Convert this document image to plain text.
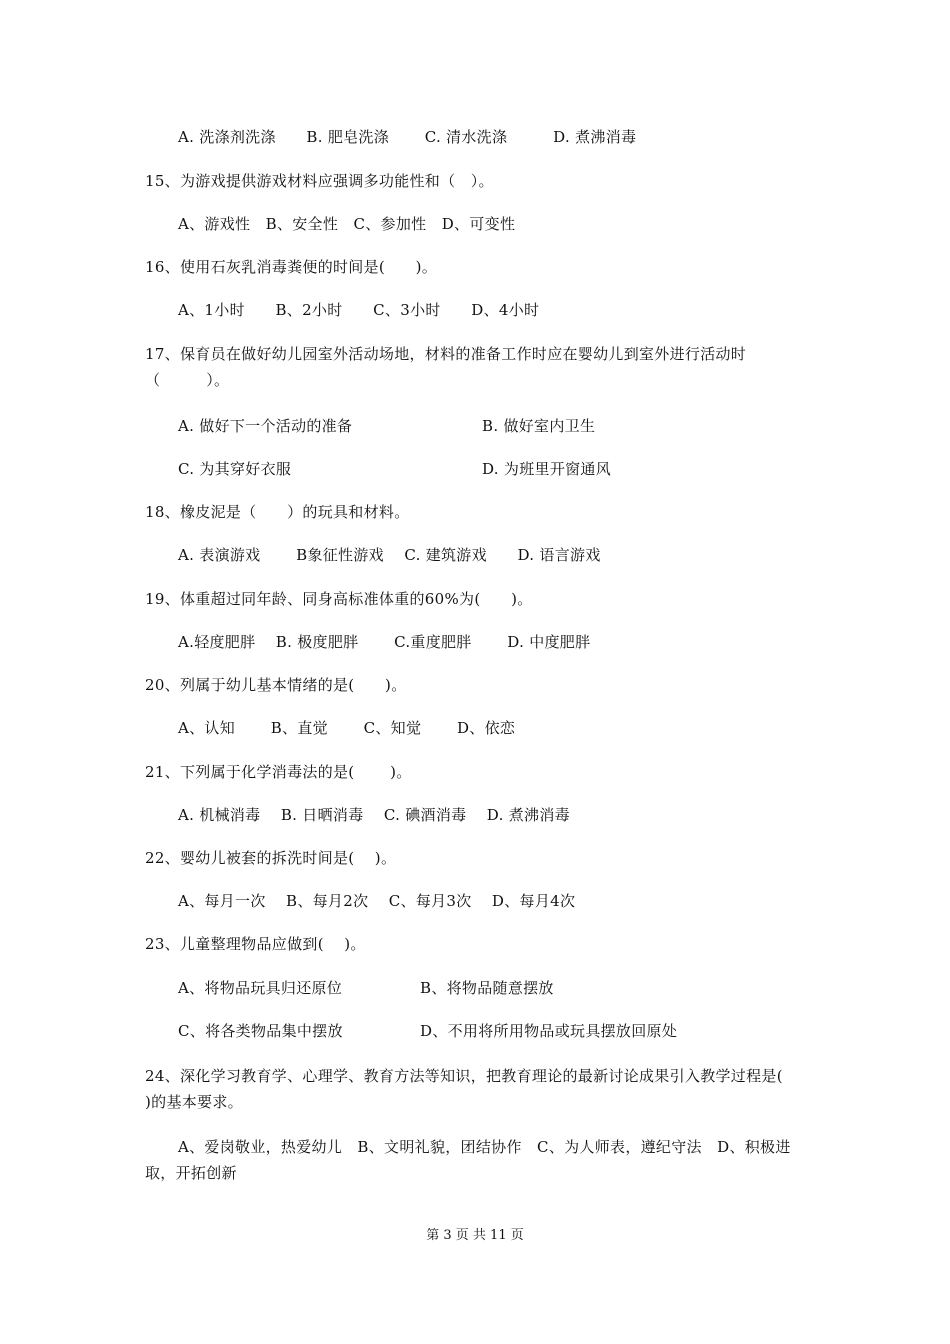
A. 洗涤剂洗涤　　B. 肥皂洗涤　　 C. 清水洗涤　　　D. 煮沸消毒
15、为游戏提供游戏材料应强调多功能性和（　）。
A、游戏性　B、安全性　C、参加性　D、可变性
16、使用石灰乳消毒粪便的时间是(　　)。
A、1小时　　B、2小时　　C、3小时　　D、4小时
17、保育员在做好幼儿园室外活动场地，材料的准备工作时应在婴幼儿到室外进行活动时（　　　）。
A. 做好下一个活动的准备	B. 做好室内卫生
C. 为其穿好衣服	D. 为班里开窗通风
18、橡皮泥是（　　）的玩具和材料。
A. 表演游戏　　 B象征性游戏　 C. 建筑游戏　　D. 语言游戏
19、体重超过同年龄、同身高标准体重的60%为(　　)。
A.轻度肥胖　 B. 极度肥胖　　 C.重度肥胖　　 D. 中度肥胖
20、列属于幼儿基本情绪的是(　　)。
A、认知　　 B、直觉　　 C、知觉　　 D、依恋
21、下列属于化学消毒法的是(　　 )。
A. 机械消毒　 B. 日晒消毒　 C. 碘酒消毒　 D. 煮沸消毒
22、婴幼儿被套的拆洗时间是(　 )。
A、每月一次　 B、每月2次　 C、每月3次　 D、每月4次
23、儿童整理物品应做到(　 )。
A、将物品玩具归还原位	B、将物品随意摆放
C、将各类物品集中摆放	D、不用将所用物品或玩具摆放回原处
24、深化学习教育学、心理学、教育方法等知识，把教育理论的最新讨论成果引入教学过程是(　 )的基本要求。
A、爱岗敬业，热爱幼儿　B、文明礼貌，团结协作　C、为人师表，遵纪守法　D、积极进取，开拓创新
第 3 页 共 11 页
